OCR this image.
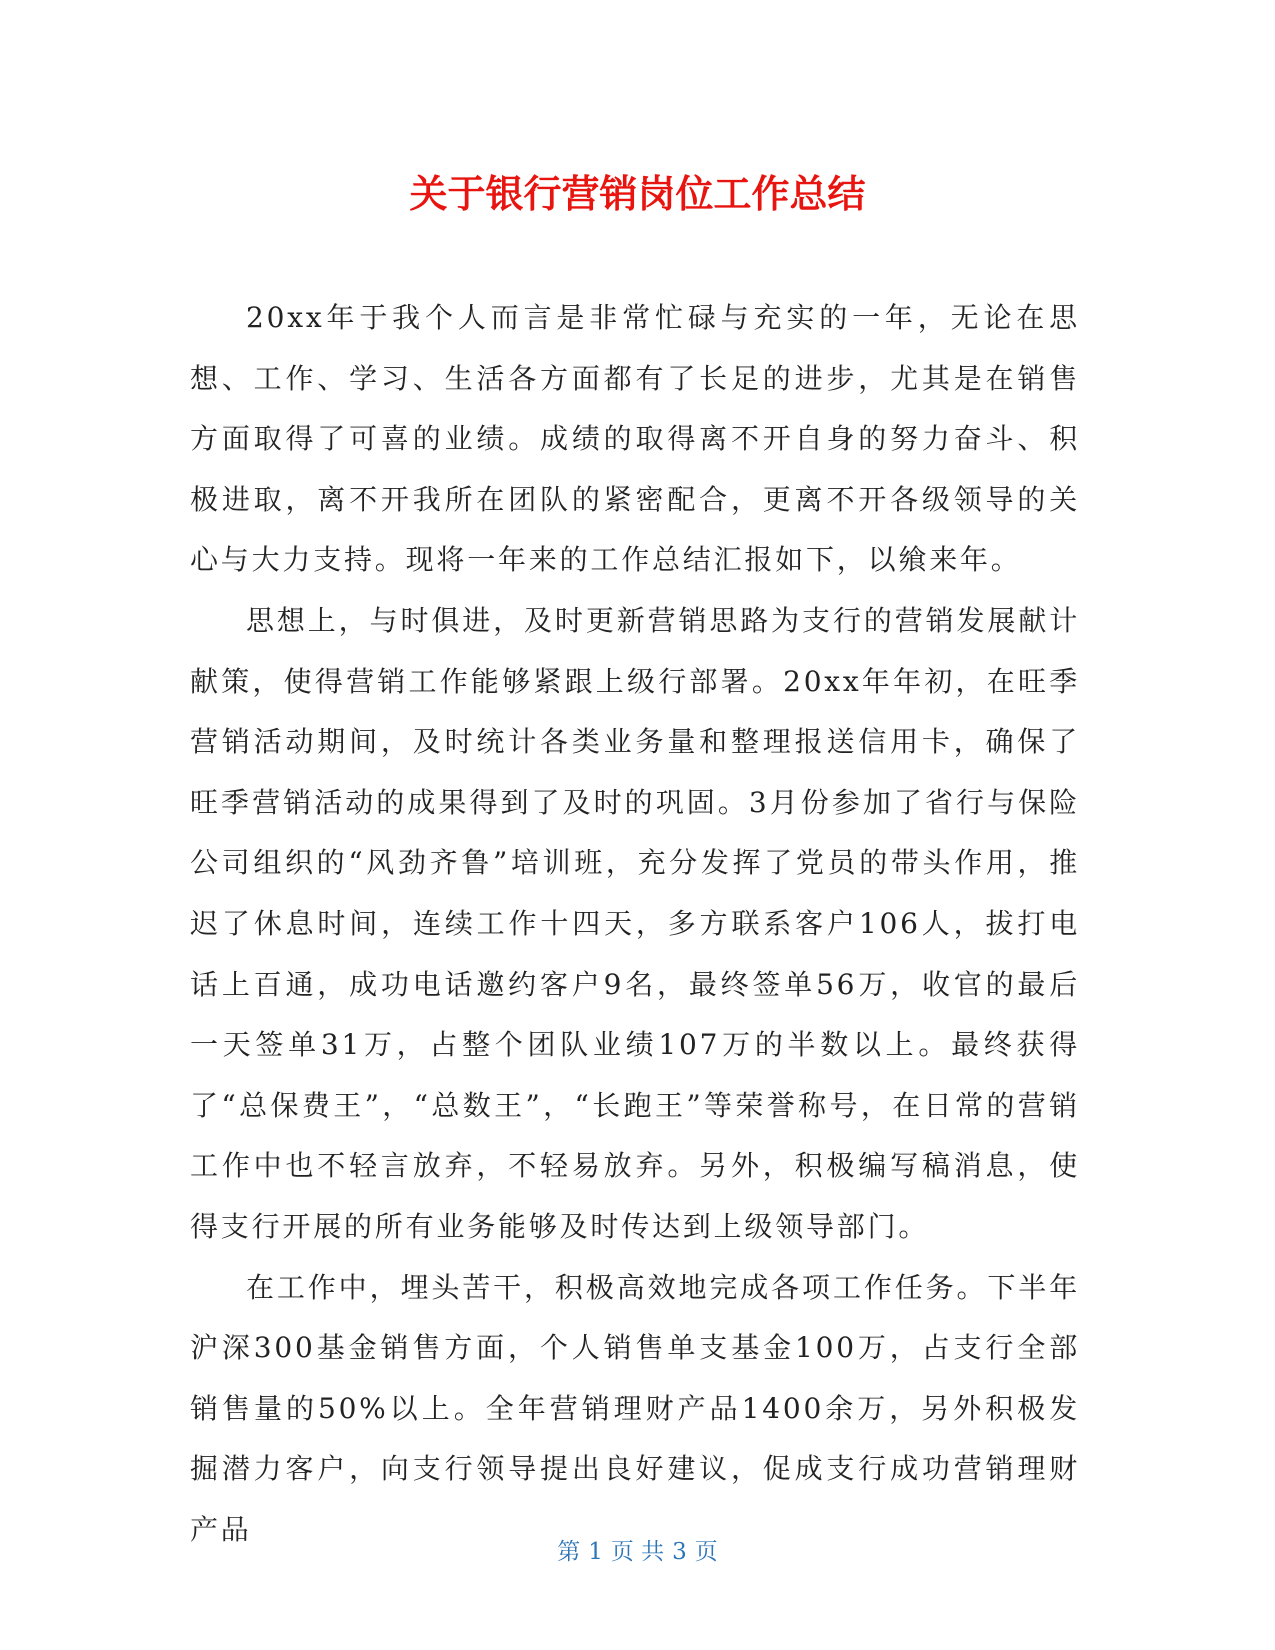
关于银行营销岗位工作总结

20xx年于我个人而言是非常忙碌与充实的一年，无论在思想、工作、学习、生活各方面都有了长足的进步，尤其是在销售方面取得了可喜的业绩。成绩的取得离不开自身的努力奋斗、积极进取，离不开我所在团队的紧密配合，更离不开各级领导的关心与大力支持。现将一年来的工作总结汇报如下，以飨来年。

思想上，与时俱进，及时更新营销思路为支行的营销发展献计献策，使得营销工作能够紧跟上级行部署。20xx年年初，在旺季营销活动期间，及时统计各类业务量和整理报送信用卡，确保了旺季营销活动的成果得到了及时的巩固。3月份参加了省行与保险公司组织的“风劲齐鲁”培训班，充分发挥了党员的带头作用，推迟了休息时间，连续工作十四天，多方联系客户106人，拔打电话上百通，成功电话邀约客户9名，最终签单56万，收官的最后一天签单31万，占整个团队业绩107万的半数以上。最终获得了“总保费王”，“总数王”，“长跑王”等荣誉称号，在日常的营销工作中也不轻言放弃，不轻易放弃。另外，积极编写稿消息，使得支行开展的所有业务能够及时传达到上级领导部门。

在工作中，埋头苦干，积极高效地完成各项工作任务。下半年沪深300基金销售方面，个人销售单支基金100万，占支行全部销售量的50%以上。全年营销理财产品1400余万，另外积极发掘潜力客户，向支行领导提出良好建议，促成支行成功营销理财产品

第 1 页 共 3 页
